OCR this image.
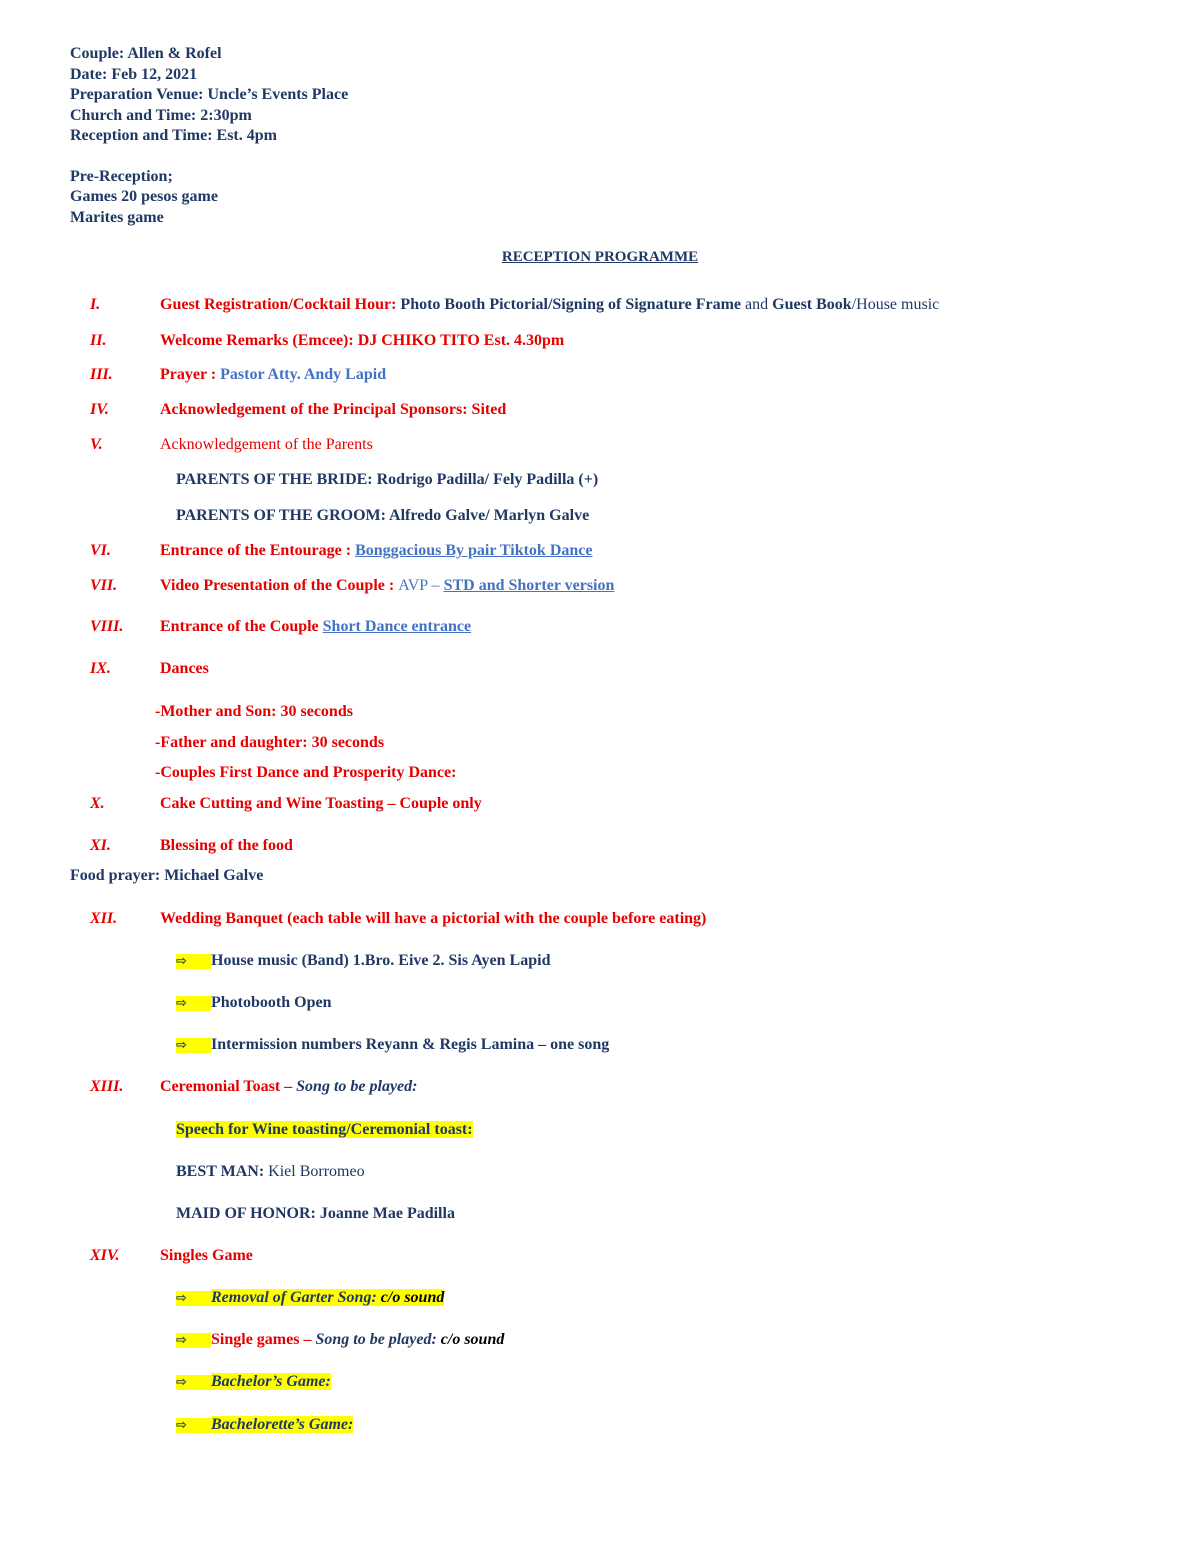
Couple: Allen & Rofel
Date: Feb 12, 2021
Preparation Venue: Uncle’s Events Place
Church and Time: 2:30pm
Reception and Time: Est. 4pm
Pre-Reception;
Games 20 pesos game
Marites game
RECEPTION PROGRAMME
I.	Guest Registration/Cocktail Hour: Photo Booth Pictorial/Signing of Signature Frame and Guest Book/House music
II.	Welcome Remarks (Emcee): DJ CHIKO TITO Est. 4.30pm
III.	Prayer : Pastor Atty. Andy Lapid
IV.	Acknowledgement of the Principal Sponsors: Sited
V.	Acknowledgement of the Parents
PARENTS OF THE BRIDE: Rodrigo Padilla/ Fely Padilla (+)
PARENTS OF THE GROOM: Alfredo Galve/ Marlyn Galve
VI.	Entrance of the Entourage : Bonggacious By pair Tiktok Dance
VII.	Video Presentation of the Couple : AVP – STD and Shorter version
VIII. Entrance of the Couple Short Dance entrance
IX.	Dances
-Mother and Son: 30 seconds
-Father and daughter: 30 seconds
-Couples First Dance and Prosperity Dance:
X.	Cake Cutting and Wine Toasting – Couple only
XI.	Blessing of the food
Food prayer: Michael Galve
XII.	Wedding Banquet (each table will have a pictorial with the couple before eating)
⇨ House music (Band) 1.Bro. Eive 2. Sis Ayen Lapid
⇨ Photobooth Open
⇨ Intermission numbers Reyann & Regis Lamina – one song
XIII. Ceremonial Toast – Song to be played:
Speech for Wine toasting/Ceremonial toast:
BEST MAN: Kiel Borromeo
MAID OF HONOR: Joanne Mae Padilla
XIV.	Singles Game
⇨ Removal of Garter Song: c/o sound
⇨ Single games – Song to be played: c/o sound
⇨ Bachelor’s Game:
⇨ Bachelorette’s Game:
